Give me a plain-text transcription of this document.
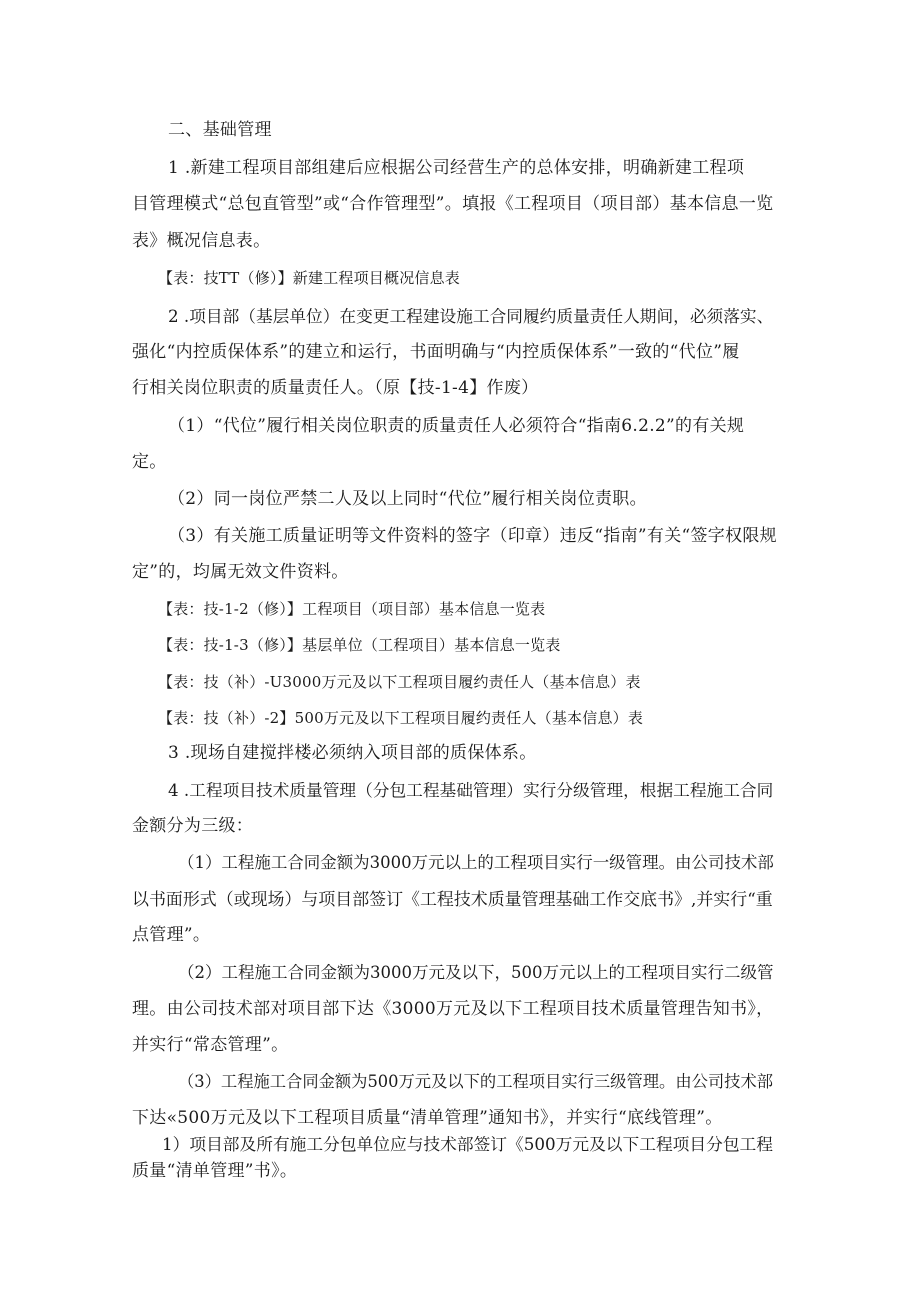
二、基础管理
1 .新建工程项目部组建后应根据公司经营生产的总体安排，明确新建工程项
目管理模式“总包直管型”或“合作管理型”。填报《工程项目（项目部）基本信息一览
表》概况信息表。
【表：技TT（修）】新建工程项目概况信息表
2 .项目部（基层单位）在变更工程建设施工合同履约质量责任人期间，必须落实、
强化“内控质保体系”的建立和运行，书面明确与“内控质保体系”一致的“代位”履
行相关岗位职责的质量责任人。（原【技-1-4】作废）
（1）“代位”履行相关岗位职责的质量责任人必须符合“指南6.2.2”的有关规
定。
（2）同一岗位严禁二人及以上同时“代位”履行相关岗位责职。
（3）有关施工质量证明等文件资料的签字（印章）违反“指南”有关“签字权限规
定”的，均属无效文件资料。
【表：技-1-2（修）】工程项目（项目部）基本信息一览表
【表：技-1-3（修）】基层单位（工程项目）基本信息一览表
【表：技（补）-U3000万元及以下工程项目履约责任人（基本信息）表
【表：技（补）-2】500万元及以下工程项目履约责任人（基本信息）表
3 .现场自建搅拌楼必须纳入项目部的质保体系。
4 .工程项目技术质量管理（分包工程基础管理）实行分级管理，根据工程施工合同
金额分为三级：
（1）工程施工合同金额为3000万元以上的工程项目实行一级管理。由公司技术部
以书面形式（或现场）与项目部签订《工程技术质量管理基础工作交底书》,并实行“重
点管理”。
（2）工程施工合同金额为3000万元及以下，500万元以上的工程项目实行二级管
理。由公司技术部对项目部下达《3000万元及以下工程项目技术质量管理告知书》，
并实行“常态管理”。
（3）工程施工合同金额为500万元及以下的工程项目实行三级管理。由公司技术部
下达«500万元及以下工程项目质量“清单管理”通知书》，并实行“底线管理”。
1）项目部及所有施工分包单位应与技术部签订《500万元及以下工程项目分包工程
质量“清单管理”书》。
